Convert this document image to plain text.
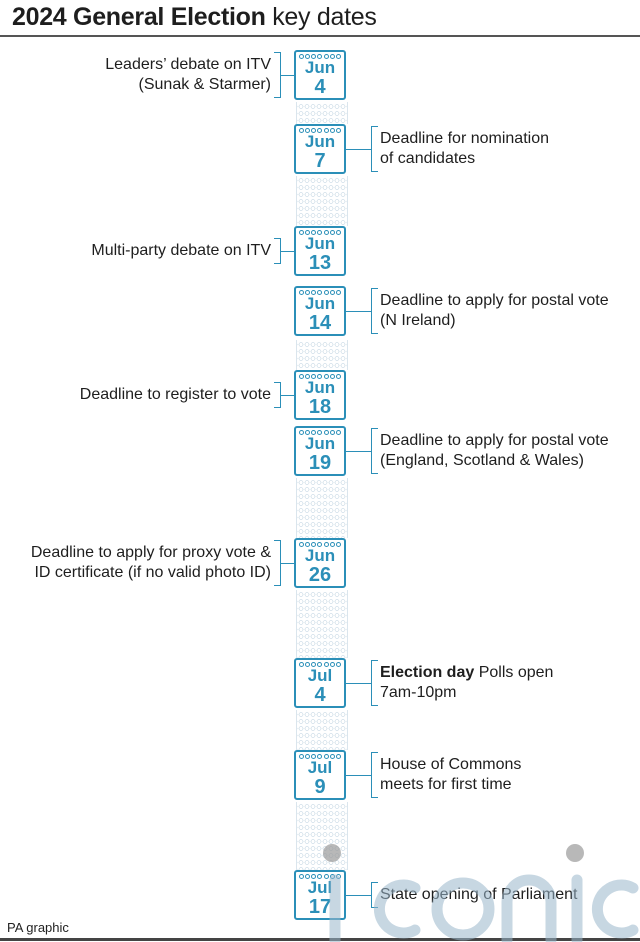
2024 General Election key dates
Jun
4
Leaders’ debate on ITV
(Sunak & Starmer)
Jun
7
Deadline for nomination
of candidates
Jun
13
Multi-party debate on ITV
Jun
14
Deadline to apply for postal vote
(N Ireland)
Jun
18
Deadline to register to vote
Jun
19
Deadline to apply for postal vote
(England, Scotland & Wales)
Jun
26
Deadline to apply for proxy vote &
ID certificate (if no valid photo ID)
Jul
4
Election day Polls open
7am-10pm
Jul
9
House of Commons
meets for first time
Jul
17
State opening of Parliament
PA graphic
